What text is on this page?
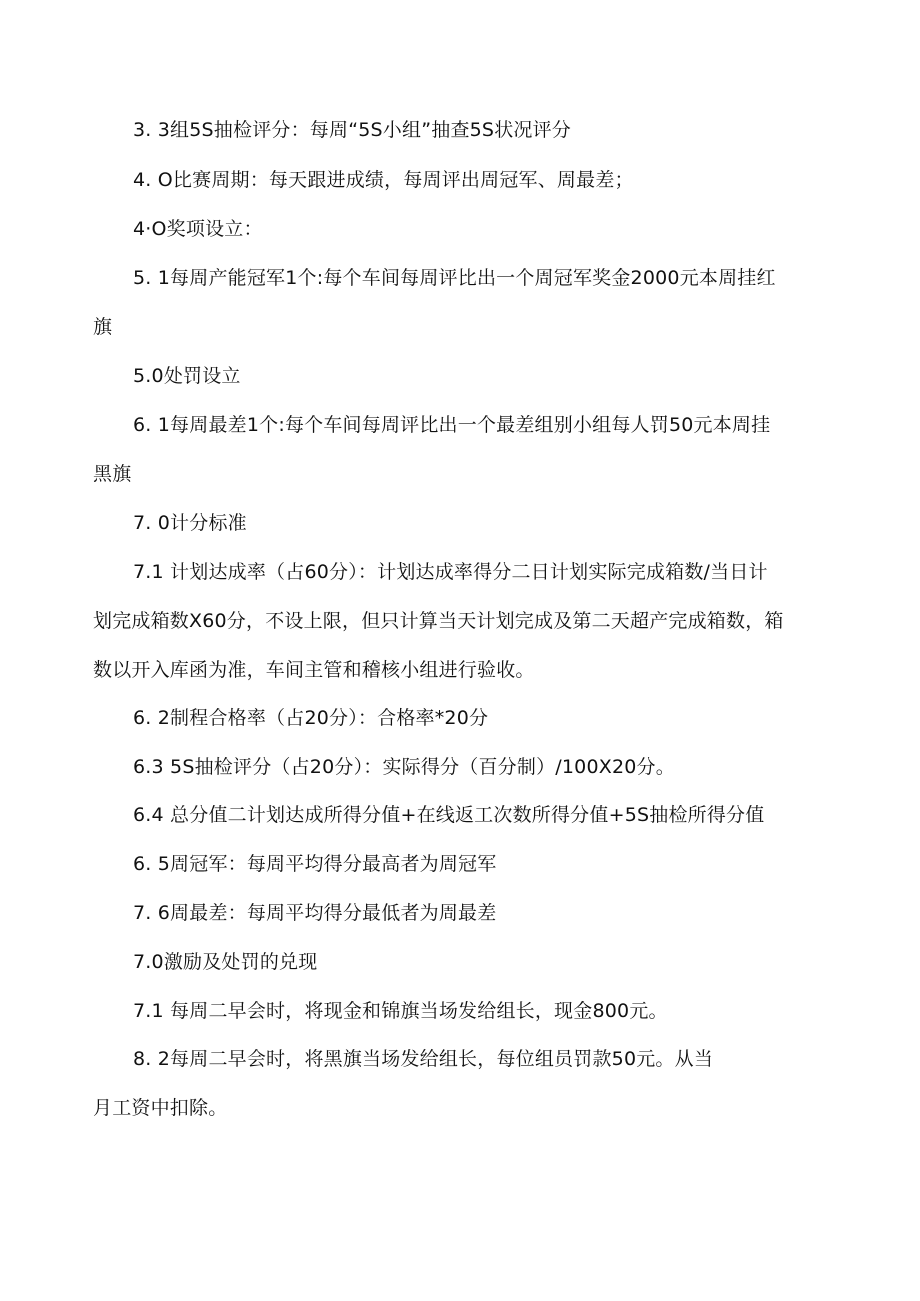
3. 3组5S抽检评分：每周“5S小组”抽查5S状况评分
4. O比赛周期：每天跟进成绩，每周评出周冠军、周最差；
4·O奖项设立：
5. 1每周产能冠军1个:每个车间每周评比出一个周冠军奖金2000元本周挂红
旗
5.0处罚设立
6. 1每周最差1个:每个车间每周评比出一个最差组别小组每人罚50元本周挂
黑旗
7. 0计分标准
7.1 计划达成率（占60分）：计划达成率得分二日计划实际完成箱数/当日计
划完成箱数X60分，不设上限，但只计算当天计划完成及第二天超产完成箱数，箱
数以开入库函为准，车间主管和稽核小组进行验收。
6. 2制程合格率（占20分）：合格率*20分
6.3 5S抽检评分（占20分）：实际得分（百分制）/100X20分。
6.4 总分值二计划达成所得分值+在线返工次数所得分值+5S抽检所得分值
6. 5周冠军：每周平均得分最高者为周冠军
7. 6周最差：每周平均得分最低者为周最差
7.0激励及处罚的兑现
7.1 每周二早会时，将现金和锦旗当场发给组长，现金800元。
8. 2每周二早会时，将黑旗当场发给组长，每位组员罚款50元。从当
月工资中扣除。
